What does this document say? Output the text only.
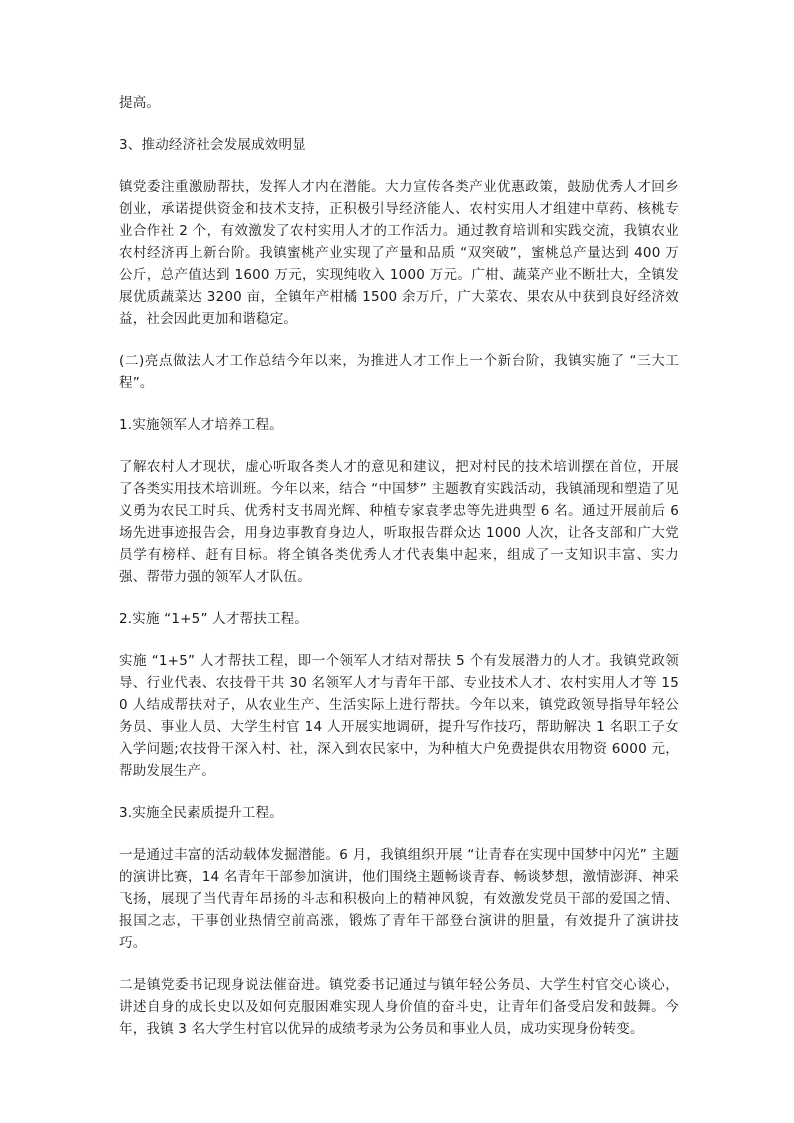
提高。

3、推动经济社会发展成效明显

镇党委注重激励帮扶，发挥人才内在潜能。大力宣传各类产业优惠政策，鼓励优秀人才回乡创业，承诺提供资金和技术支持，正积极引导经济能人、农村实用人才组建中草药、核桃专业合作社 2 个，有效激发了农村实用人才的工作活力。通过教育培训和实践交流，我镇农业农村经济再上新台阶。我镇蜜桃产业实现了产量和品质 “双突破”，蜜桃总产量达到 400 万公斤，总产值达到 1600 万元，实现纯收入 1000 万元。广柑、蔬菜产业不断壮大，全镇发展优质蔬菜达 3200 亩，全镇年产柑橘 1500 余万斤，广大菜农、果农从中获到良好经济效益，社会因此更加和谐稳定。

(二)亮点做法人才工作总结今年以来，为推进人才工作上一个新台阶，我镇实施了 “三大工程”。

1.实施领军人才培养工程。

了解农村人才现状，虚心听取各类人才的意见和建议，把对村民的技术培训摆在首位，开展了各类实用技术培训班。今年以来，结合 “中国梦” 主题教育实践活动，我镇涌现和塑造了见义勇为农民工时兵、优秀村支书周光辉、种植专家袁孝忠等先进典型 6 名。通过开展前后 6 场先进事迹报告会，用身边事教育身边人，听取报告群众达 1000 人次，让各支部和广大党员学有榜样、赶有目标。将全镇各类优秀人才代表集中起来，组成了一支知识丰富、实力强、帮带力强的领军人才队伍。

2.实施 “1+5” 人才帮扶工程。

实施 “1+5” 人才帮扶工程，即一个领军人才结对帮扶 5 个有发展潜力的人才。我镇党政领导、行业代表、农技骨干共 30 名领军人才与青年干部、专业技术人才、农村实用人才等 150 人结成帮扶对子，从农业生产、生活实际上进行帮扶。今年以来，镇党政领导指导年轻公务员、事业人员、大学生村官 14 人开展实地调研，提升写作技巧，帮助解决 1 名职工子女入学问题;农技骨干深入村、社，深入到农民家中，为种植大户免费提供农用物资 6000 元，帮助发展生产。

3.实施全民素质提升工程。

一是通过丰富的活动载体发掘潜能。6 月，我镇组织开展 “让青春在实现中国梦中闪光” 主题的演讲比赛，14 名青年干部参加演讲，他们围绕主题畅谈青春、畅谈梦想，激情澎湃、神采飞扬，展现了当代青年昂扬的斗志和积极向上的精神风貌，有效激发党员干部的爱国之情、报国之志，干事创业热情空前高涨，锻炼了青年干部登台演讲的胆量，有效提升了演讲技巧。

二是镇党委书记现身说法催奋进。镇党委书记通过与镇年轻公务员、大学生村官交心谈心，讲述自身的成长史以及如何克服困难实现人身价值的奋斗史，让青年们备受启发和鼓舞。今年，我镇 3 名大学生村官以优异的成绩考录为公务员和事业人员，成功实现身份转变。
